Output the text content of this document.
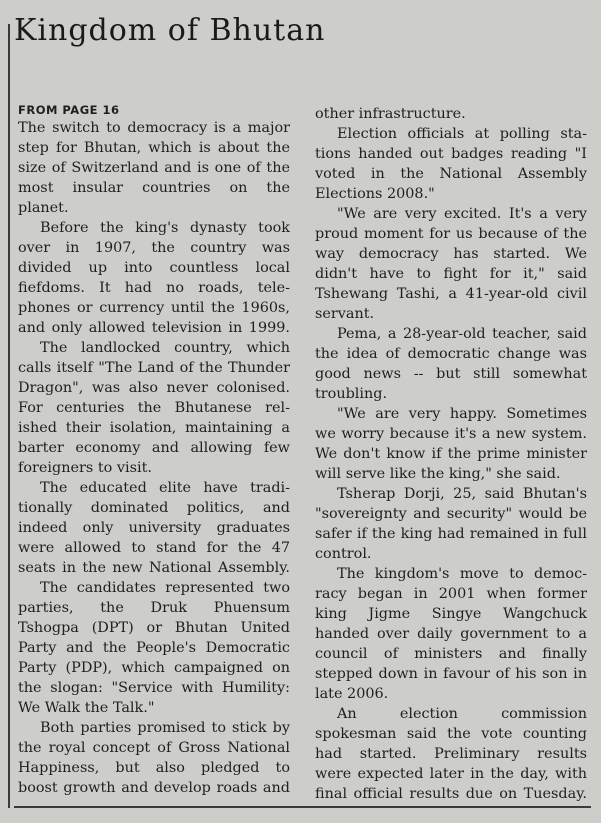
Kingdom of Bhutan
FROM PAGE 16
The switch to democracy is a major
step for Bhutan, which is about the
size of Switzerland and is one of the
most insular countries on the
planet.
Before the king's dynasty took
over in 1907, the country was
divided up into countless local
fiefdoms. It had no roads, tele-
phones or currency until the 1960s,
and only allowed television in 1999.
The landlocked country, which
calls itself "The Land of the Thunder
Dragon", was also never colonised.
For centuries the Bhutanese rel-
ished their isolation, maintaining a
barter economy and allowing few
foreigners to visit.
The educated elite have tradi-
tionally dominated politics, and
indeed only university graduates
were allowed to stand for the 47
seats in the new National Assembly.
The candidates represented two
parties, the Druk Phuensum
Tshogpa (DPT) or Bhutan United
Party and the People's Democratic
Party (PDP), which campaigned on
the slogan: "Service with Humility:
We Walk the Talk."
Both parties promised to stick by
the royal concept of Gross National
Happiness, but also pledged to
boost growth and develop roads and
other infrastructure.
Election officials at polling sta-
tions handed out badges reading "I
voted in the National Assembly
Elections 2008."
"We are very excited. It's a very
proud moment for us because of the
way democracy has started. We
didn't have to fight for it," said
Tshewang Tashi, a 41-year-old civil
servant.
Pema, a 28-year-old teacher, said
the idea of democratic change was
good news -- but still somewhat
troubling.
"We are very happy. Sometimes
we worry because it's a new system.
We don't know if the prime minister
will serve like the king," she said.
Tsherap Dorji, 25, said Bhutan's
"sovereignty and security" would be
safer if the king had remained in full
control.
The kingdom's move to democ-
racy began in 2001 when former
king Jigme Singye Wangchuck
handed over daily government to a
council of ministers and finally
stepped down in favour of his son in
late 2006.
An election commission
spokesman said the vote counting
had started. Preliminary results
were expected later in the day, with
final official results due on Tuesday.
